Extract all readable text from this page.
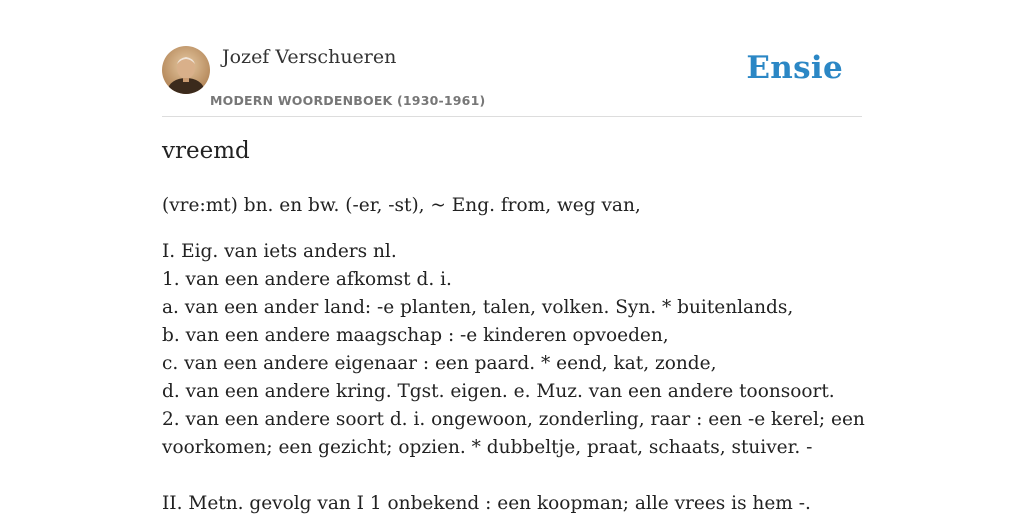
Jozef Verschueren
MODERN WOORDENBOEK (1930-1961)
Ensie
vreemd

(vre:mt) bn. en bw. (-er, -st), ~ Eng. from, weg van,

I. Eig. van iets anders nl.

1. van een andere afkomst d. i.

a. van een ander land: -e planten, talen, volken. Syn. * buitenlands,

b. van een andere maagschap : -e kinderen opvoeden,

c. van een andere eigenaar : een paard. * eend, kat, zonde,

d. van een andere kring. Tgst. eigen. e. Muz. van een andere toonsoort.

2. van een andere soort d. i. ongewoon, zonderling, raar : een -e kerel; een

voorkomen; een gezicht; opzien. * dubbeltje, praat, schaats, stuiver. -

II. Metn. gevolg van I 1 onbekend : een koopman; alle vrees is hem -.
